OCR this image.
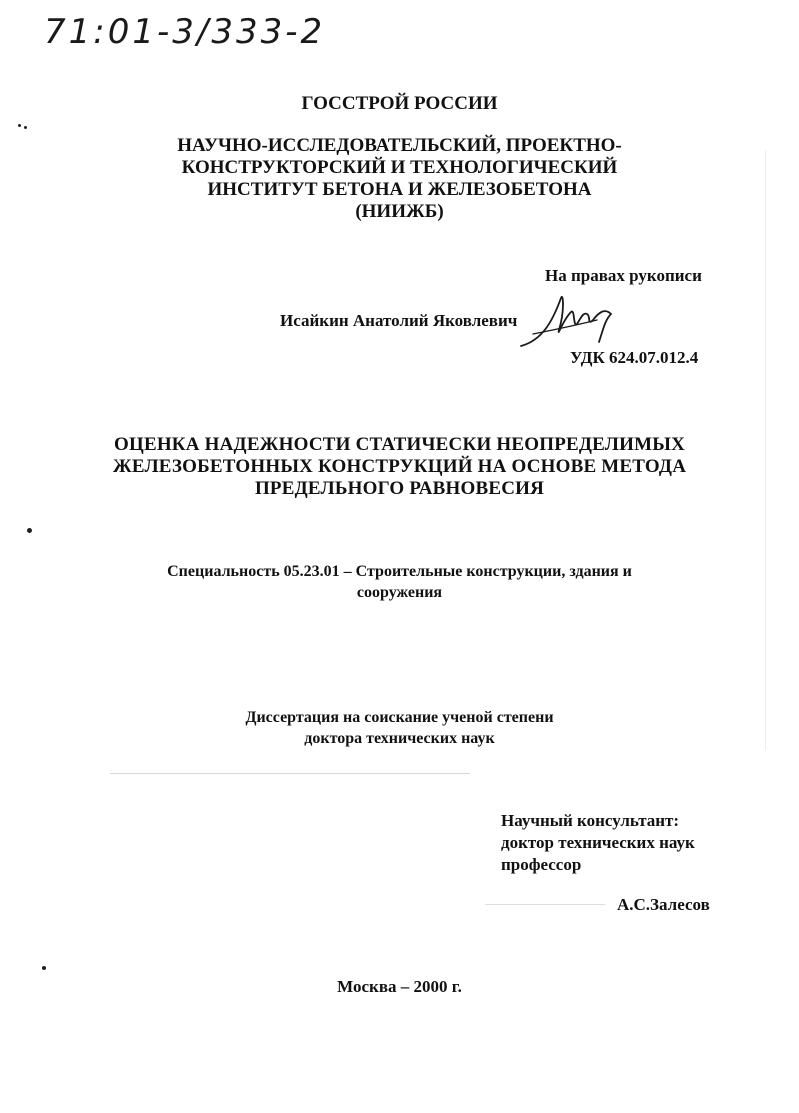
71:01-3/333-2
ГОССТРОЙ РОССИИ
НАУЧНО-ИССЛЕДОВАТЕЛЬСКИЙ, ПРОЕКТНО-
КОНСТРУКТОРСКИЙ И ТЕХНОЛОГИЧЕСКИЙ
ИНСТИТУТ БЕТОНА И ЖЕЛЕЗОБЕТОНА
(НИИЖБ)
На правах рукописи
Исайкин Анатолий Яковлевич
УДК 624.07.012.4
ОЦЕНКА НАДЕЖНОСТИ СТАТИЧЕСКИ НЕОПРЕДЕЛИМЫХ
ЖЕЛЕЗОБЕТОННЫХ КОНСТРУКЦИЙ НА ОСНОВЕ МЕТОДА
ПРЕДЕЛЬНОГО РАВНОВЕСИЯ
Специальность 05.23.01 – Строительные конструкции, здания и
сооружения
Диссертация на соискание ученой степени
доктора технических наук
Научный консультант:
доктор технических наук
профессор
А.С.Залесов
Москва – 2000 г.
